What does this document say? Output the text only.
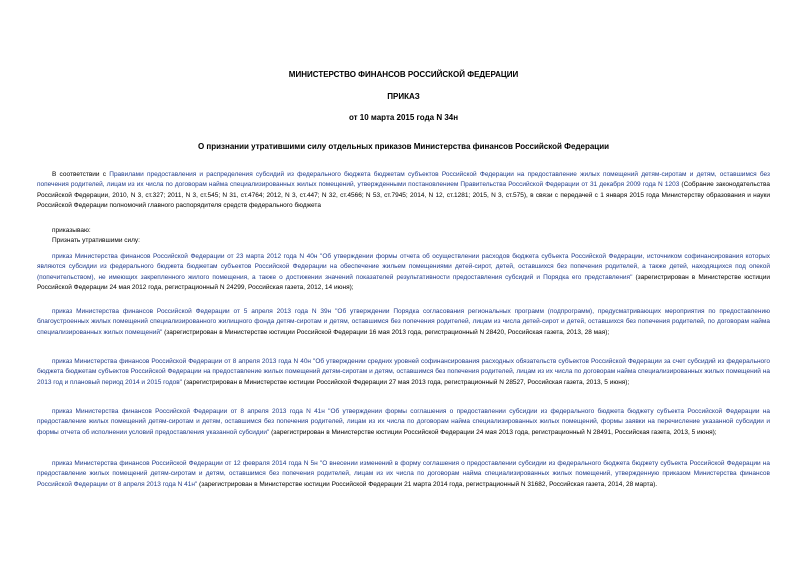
МИНИСТЕРСТВО ФИНАНСОВ РОССИЙСКОЙ ФЕДЕРАЦИИ
ПРИКАЗ
от 10 марта 2015 года N 34н
О признании утратившими силу отдельных приказов Министерства финансов Российской Федерации

В соответствии с Правилами предоставления и распределения субсидий из федерального бюджета бюджетам субъектов Российской Федерации на предоставление жилых помещений детям-сиротам и детям, оставшимся без попечения родителей, лицам из их числа по договорам найма специализированных жилых помещений, утвержденными постановлением Правительства Российской Федерации от 31 декабря 2009 года N 1203 (Собрание законодательства Российской Федерации, 2010, N 3, ст.327; 2011, N 3, ст.545; N 31, ст.4764; 2012, N 3, ст.447; N 32, ст.4566; N 53, ст.7945; 2014, N 12, ст.1281; 2015, N 3, ст.575), в связи с передачей с 1 января 2015 года Министерству образования и науки Российской Федерации полномочий главного распорядителя средств федерального бюджета

приказываю:
Признать утратившими силу:

приказ Министерства финансов Российской Федерации от 23 марта 2012 года N 40н "Об утверждении формы отчета об осуществлении расходов бюджета субъекта Российской Федерации, источником софинансирования которых являются субсидии из федерального бюджета бюджетам субъектов Российской Федерации на обеспечение жильем помещениями детей-сирот, детей, оставшихся без попечения родителей, а также детей, находящихся под опекой (попечительством), не имеющих закрепленного жилого помещения, а также о достижении значений показателей результативности предоставления субсидий и Порядка его представления" (зарегистрирован в Министерстве юстиции Российской Федерации 24 мая 2012 года, регистрационный N 24299, Российская газета, 2012, 14 июня);

приказ Министерства финансов Российской Федерации от 5 апреля 2013 года N 39н "Об утверждении Порядка согласования региональных программ (подпрограмм), предусматривающих мероприятия по предоставлению благоустроенных жилых помещений специализированного жилищного фонда детям-сиротам и детям, оставшимся без попечения родителей, лицам из числа детей-сирот и детей, оставшихся без попечения родителей, по договорам найма специализированных жилых помещений" (зарегистрирован в Министерстве юстиции Российской Федерации 16 мая 2013 года, регистрационный N 28420, Российская газета, 2013, 28 мая);

приказ Министерства финансов Российской Федерации от 8 апреля 2013 года N 40н "Об утверждении средних уровней софинансирования расходных обязательств субъектов Российской Федерации за счет субсидий из федерального бюджета бюджетам субъектов Российской Федерации на предоставление жилых помещений детям-сиротам и детям, оставшимся без попечения родителей, лицам из их числа по договорам найма специализированных жилых помещений на 2013 год и плановый период 2014 и 2015 годов" (зарегистрирован в Министерстве юстиции Российской Федерации 27 мая 2013 года, регистрационный N 28527, Российская газета, 2013, 5 июня);

приказ Министерства финансов Российской Федерации от 8 апреля 2013 года N 41н "Об утверждении формы соглашения о предоставлении субсидии из федерального бюджета бюджету субъекта Российской Федерации на предоставление жилых помещений детям-сиротам и детям, оставшимся без попечения родителей, лицам из их числа по договорам найма специализированных жилых помещений, формы заявки на перечисление указанной субсидии и формы отчета об исполнении условий предоставления указанной субсидии" (зарегистрирован в Министерстве юстиции Российской Федерации 24 мая 2013 года, регистрационный N 28491, Российская газета, 2013, 5 июня);

приказ Министерства финансов Российской Федерации от 12 февраля 2014 года N 5н "О внесении изменений в форму соглашения о предоставлении субсидии из федерального бюджета бюджету субъекта Российской Федерации на предоставление жилых помещений детям-сиротам и детям, оставшимся без попечения родителей, лицам из их числа по договорам найма специализированных жилых помещений, утвержденную приказом Министерства финансов Российской Федерации от 8 апреля 2013 года N 41н" (зарегистрирован в Министерстве юстиции Российской Федерации 21 марта 2014 года, регистрационный N 31682, Российская газета, 2014, 28 марта).
